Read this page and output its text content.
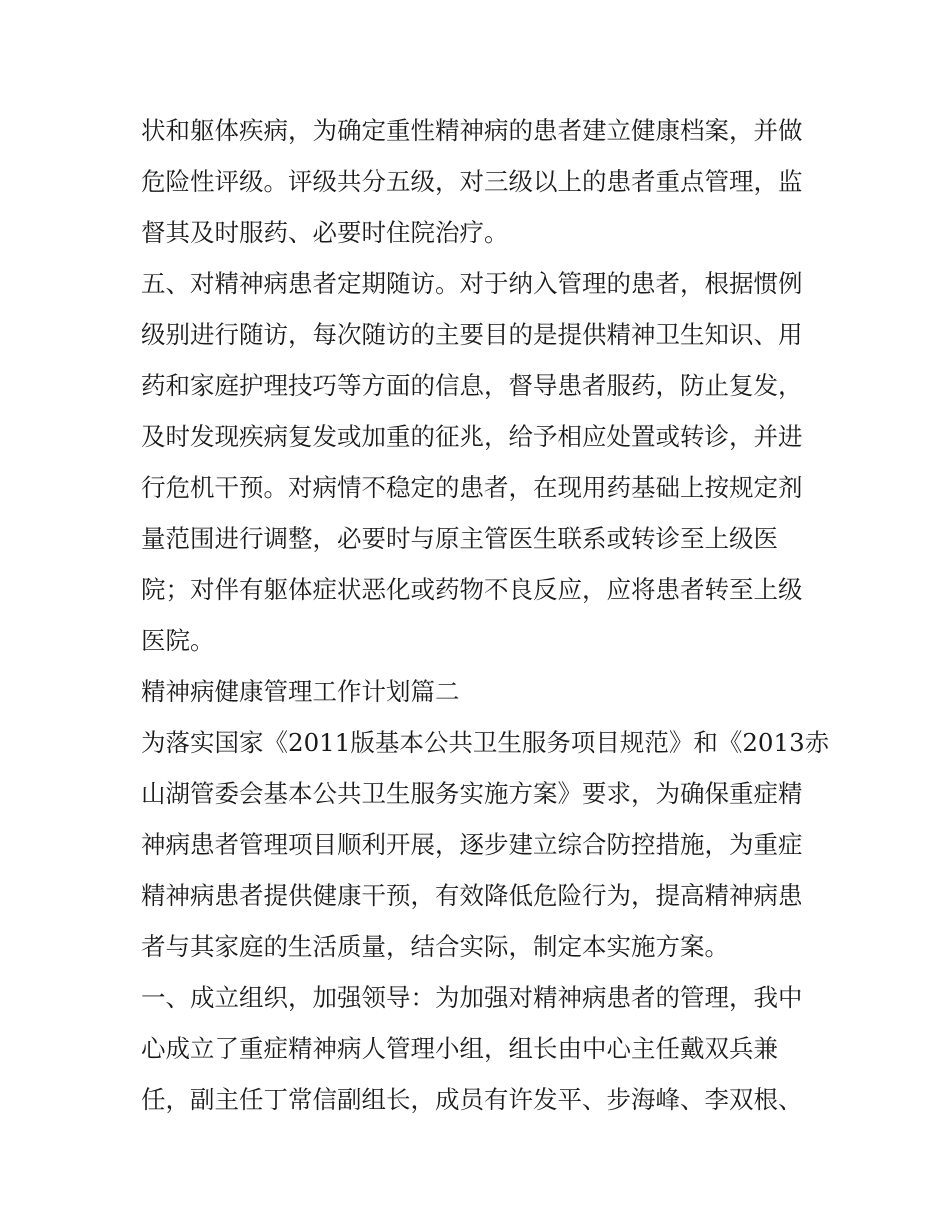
状和躯体疾病，为确定重性精神病的患者建立健康档案，并做
危险性评级。评级共分五级，对三级以上的患者重点管理，监
督其及时服药、必要时住院治疗。
五、对精神病患者定期随访。对于纳入管理的患者，根据惯例
级别进行随访，每次随访的主要目的是提供精神卫生知识、用
药和家庭护理技巧等方面的信息，督导患者服药，防止复发，
及时发现疾病复发或加重的征兆，给予相应处置或转诊，并进
行危机干预。对病情不稳定的患者，在现用药基础上按规定剂
量范围进行调整，必要时与原主管医生联系或转诊至上级医
院；对伴有躯体症状恶化或药物不良反应，应将患者转至上级
医院。
精神病健康管理工作计划篇二
为落实国家《2011版基本公共卫生服务项目规范》和《2013赤
山湖管委会基本公共卫生服务实施方案》要求，为确保重症精
神病患者管理项目顺利开展，逐步建立综合防控措施，为重症
精神病患者提供健康干预，有效降低危险行为，提高精神病患
者与其家庭的生活质量，结合实际，制定本实施方案。
一、成立组织，加强领导：为加强对精神病患者的管理，我中
心成立了重症精神病人管理小组，组长由中心主任戴双兵兼
任，副主任丁常信副组长，成员有许发平、步海峰、李双根、
